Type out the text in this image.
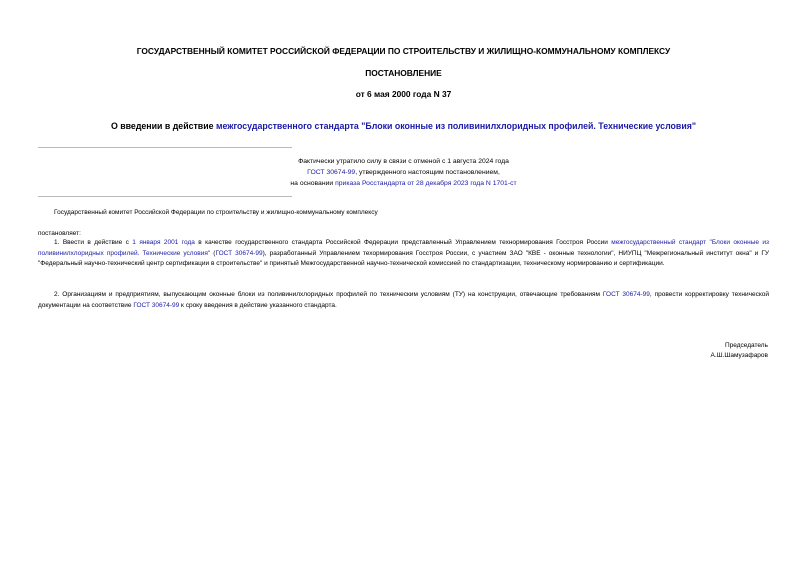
ГОСУДАРСТВЕННЫЙ КОМИТЕТ РОССИЙСКОЙ ФЕДЕРАЦИИ ПО СТРОИТЕЛЬСТВУ И ЖИЛИЩНО-КОММУНАЛЬНОМУ КОМПЛЕКСУ
ПОСТАНОВЛЕНИЕ
от 6 мая 2000 года N 37
О введении в действие межгосударственного стандарта "Блоки оконные из поливинилхлоридных профилей. Технические условия"
Фактически утратило силу в связи с отменой с 1 августа 2024 года
ГОСТ 30674-99, утвержденного настоящим постановлением,
на основании приказа Росстандарта от 28 декабря 2023 года N 1701-ст
Государственный комитет Российской Федерации по строительству и жилищно-коммунальному комплексу
постановляет:
1. Ввести в действие с 1 января 2001 года в качестве государственного стандарта Российской Федерации представленный Управлением технормирования Госстроя России межгосударственный стандарт "Блоки оконные из поливинилхлоридных профилей. Технические условия" (ГОСТ 30674-99), разработанный Управлением техормирования Госстроя России, с участием ЗАО "КВЕ - оконные технологии", НИУПЦ "Межрегиональный институт окна" и ГУ "Федеральный научно-технический центр сертификации в строительстве" и принятый Межгосударственной научно-технической комиссией по стандартизации, техническому нормированию и сертификации.
2. Организациям и предприятиям, выпускающим оконные блоки из поливинилхлоридных профилей по техническим условиям (ТУ) на конструкции, отвечающие требованиям ГОСТ 30674-99, провести корректировку технической документации на соответствие ГОСТ 30674-99 к сроку введения в действие указанного стандарта.
Председатель
А.Ш.Шамузафаров
